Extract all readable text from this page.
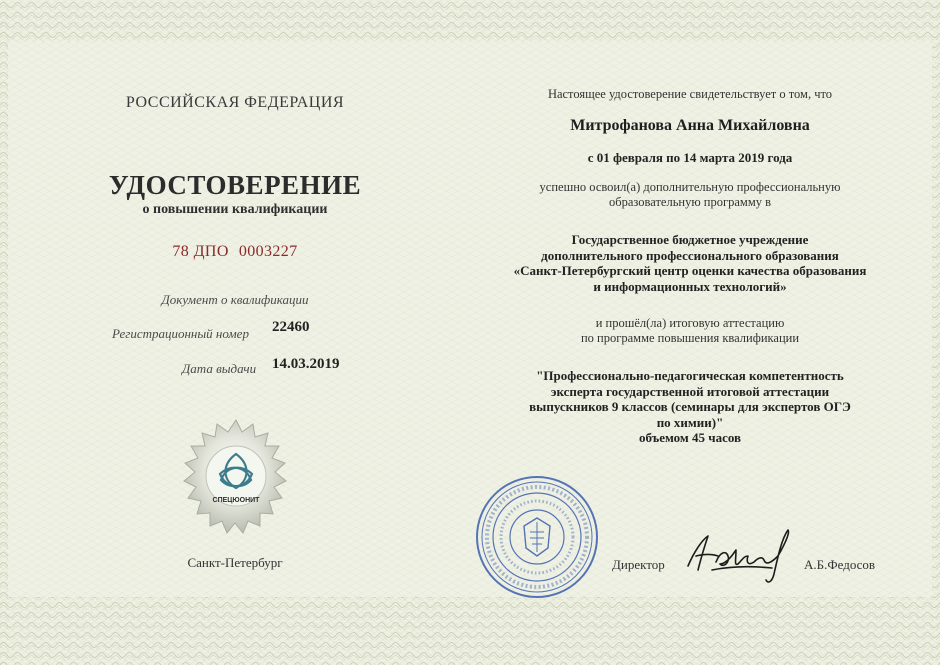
РОССИЙСКАЯ ФЕДЕРАЦИЯ
УДОСТОВЕРЕНИЕ
о повышении квалификации
78 ДПО 0003227
Документ о квалификации
Регистрационный номер 22460
Дата выдачи 14.03.2019
СПЕЦЮОНИТ
Санкт-Петербург
Настоящее удостоверение свидетельствует о том, что
Митрофанова Анна Михайловна
с 01 февраля по 14 марта 2019 года
успешно освоил(а) дополнительную профессиональную
образовательную программу в
Государственное бюджетное учреждение
дополнительного профессионального образования
«Санкт-Петербургский центр оценки качества образования
и информационных технологий»
и прошёл(ла) итоговую аттестацию
по программе повышения квалификации
"Профессионально-педагогическая компетентность
эксперта государственной итоговой аттестации
выпускников 9 классов (семинары для экспертов ОГЭ
по химии)"
объемом 45 часов
Директор	А.Б.Федосов
